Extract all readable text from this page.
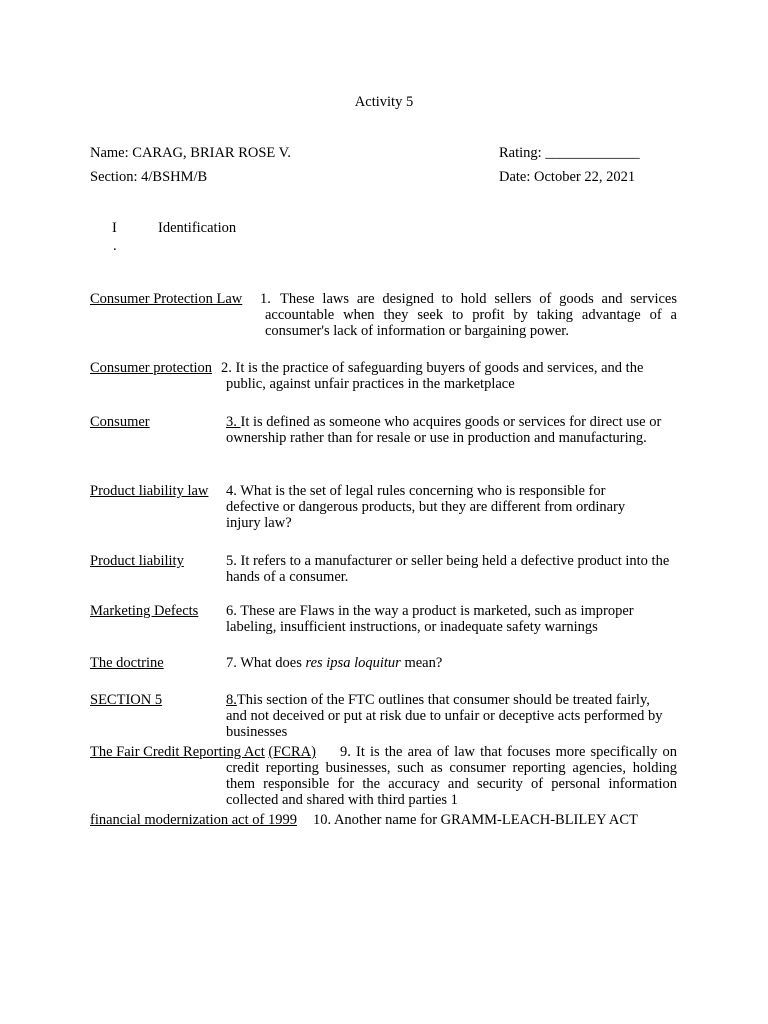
Activity 5
Name: CARAG, BRIAR ROSE V.
Section: 4/BSHM/B
Rating: _____________
Date: October 22, 2021
I
.
Identification
Consumer Protection Law 1. These laws are designed to hold sellers of goods and services accountable when they seek to profit by taking advantage of a consumer's lack of information or bargaining power.
Consumer protection 2. It is the practice of safeguarding buyers of goods and services, and the public, against unfair practices in the marketplace
Consumer	3. It is defined as someone who acquires goods or services for direct use or ownership rather than for resale or use in production and manufacturing.
Product liability law 4. What is the set of legal rules concerning who is responsible for defective or dangerous products, but they are different from ordinary injury law?
Product liability	5. It refers to a manufacturer or seller being held a defective product into the hands of a consumer.
Marketing Defects 6. These are Flaws in the way a product is marketed, such as improper labeling, insufficient instructions, or inadequate safety warnings
The doctrine	7. What does res ipsa loquitur mean?
SECTION 5	8.This section of the FTC outlines that consumer should be treated fairly, and not deceived or put at risk due to unfair or deceptive acts performed by businesses
The Fair Credit Reporting Act (FCRA)	9. It is the area of law that focuses more specifically on credit reporting businesses, such as consumer reporting agencies, holding them responsible for the accuracy and security of personal information collected and shared with third parties 1
financial modernization act of 1999 10. Another name for GRAMM-LEACH-BLILEY ACT
